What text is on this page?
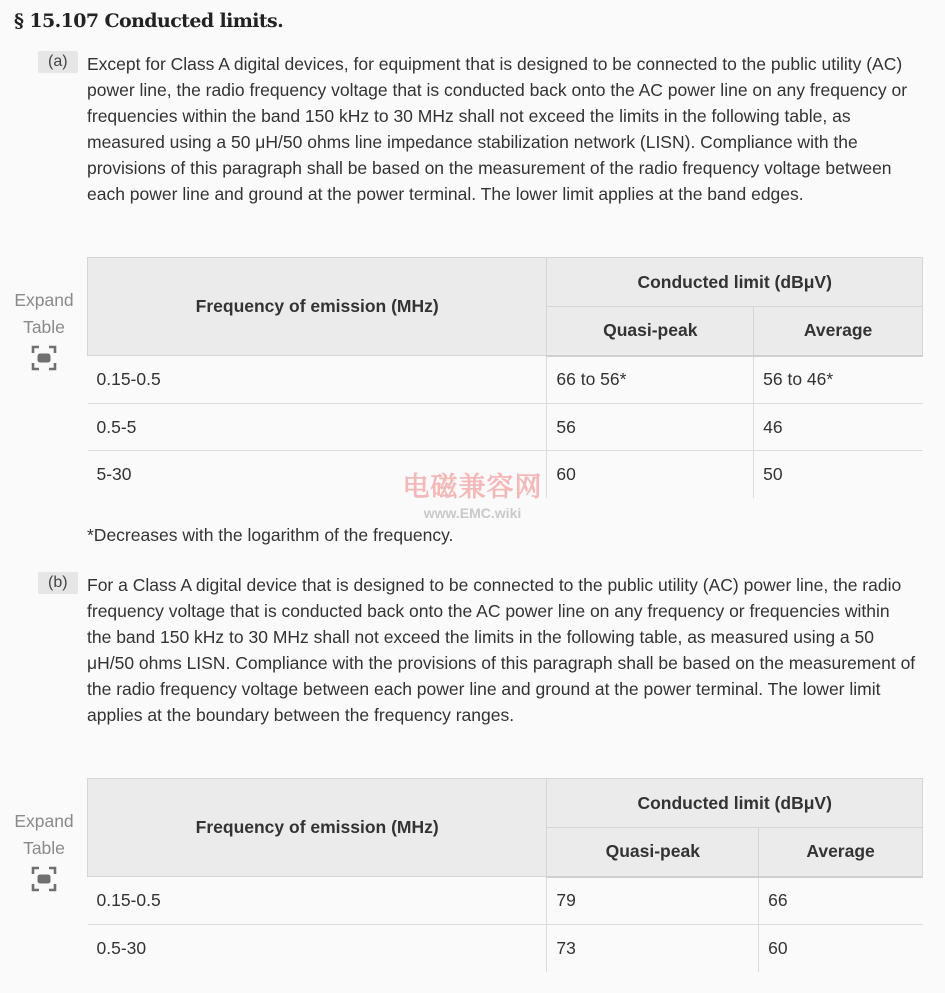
§ 15.107 Conducted limits.
(a)	Except for Class A digital devices, for equipment that is designed to be connected to the public utility (AC) power line, the radio frequency voltage that is conducted back onto the AC power line on any frequency or frequencies within the band 150 kHz to 30 MHz shall not exceed the limits in the following table, as measured using a 50 μH/50 ohms line impedance stabilization network (LISN). Compliance with the provisions of this paragraph shall be based on the measurement of the radio frequency voltage between each power line and ground at the power terminal. The lower limit applies at the band edges.

Expand
Table
Frequency of emission (MHz)	Conducted limit (dBμV)	
	Quasi-peak	Average
0.15-0.5	66 to 56*	56 to 46*
0.5-5	56	46
5-30	60	50
电磁兼容网
www.EMC.wiki

*Decreases with the logarithm of the frequency.

(b)	For a Class A digital device that is designed to be connected to the public utility (AC) power line, the radio frequency voltage that is conducted back onto the AC power line on any frequency or frequencies within the band 150 kHz to 30 MHz shall not exceed the limits in the following table, as measured using a 50 μH/50 ohms LISN. Compliance with the provisions of this paragraph shall be based on the measurement of the radio frequency voltage between each power line and ground at the power terminal. The lower limit applies at the boundary between the frequency ranges.

Expand
Table
Frequency of emission (MHz)	Conducted limit (dBμV)	
	Quasi-peak	Average
0.15-0.5	79	66
0.5-30	73	60
